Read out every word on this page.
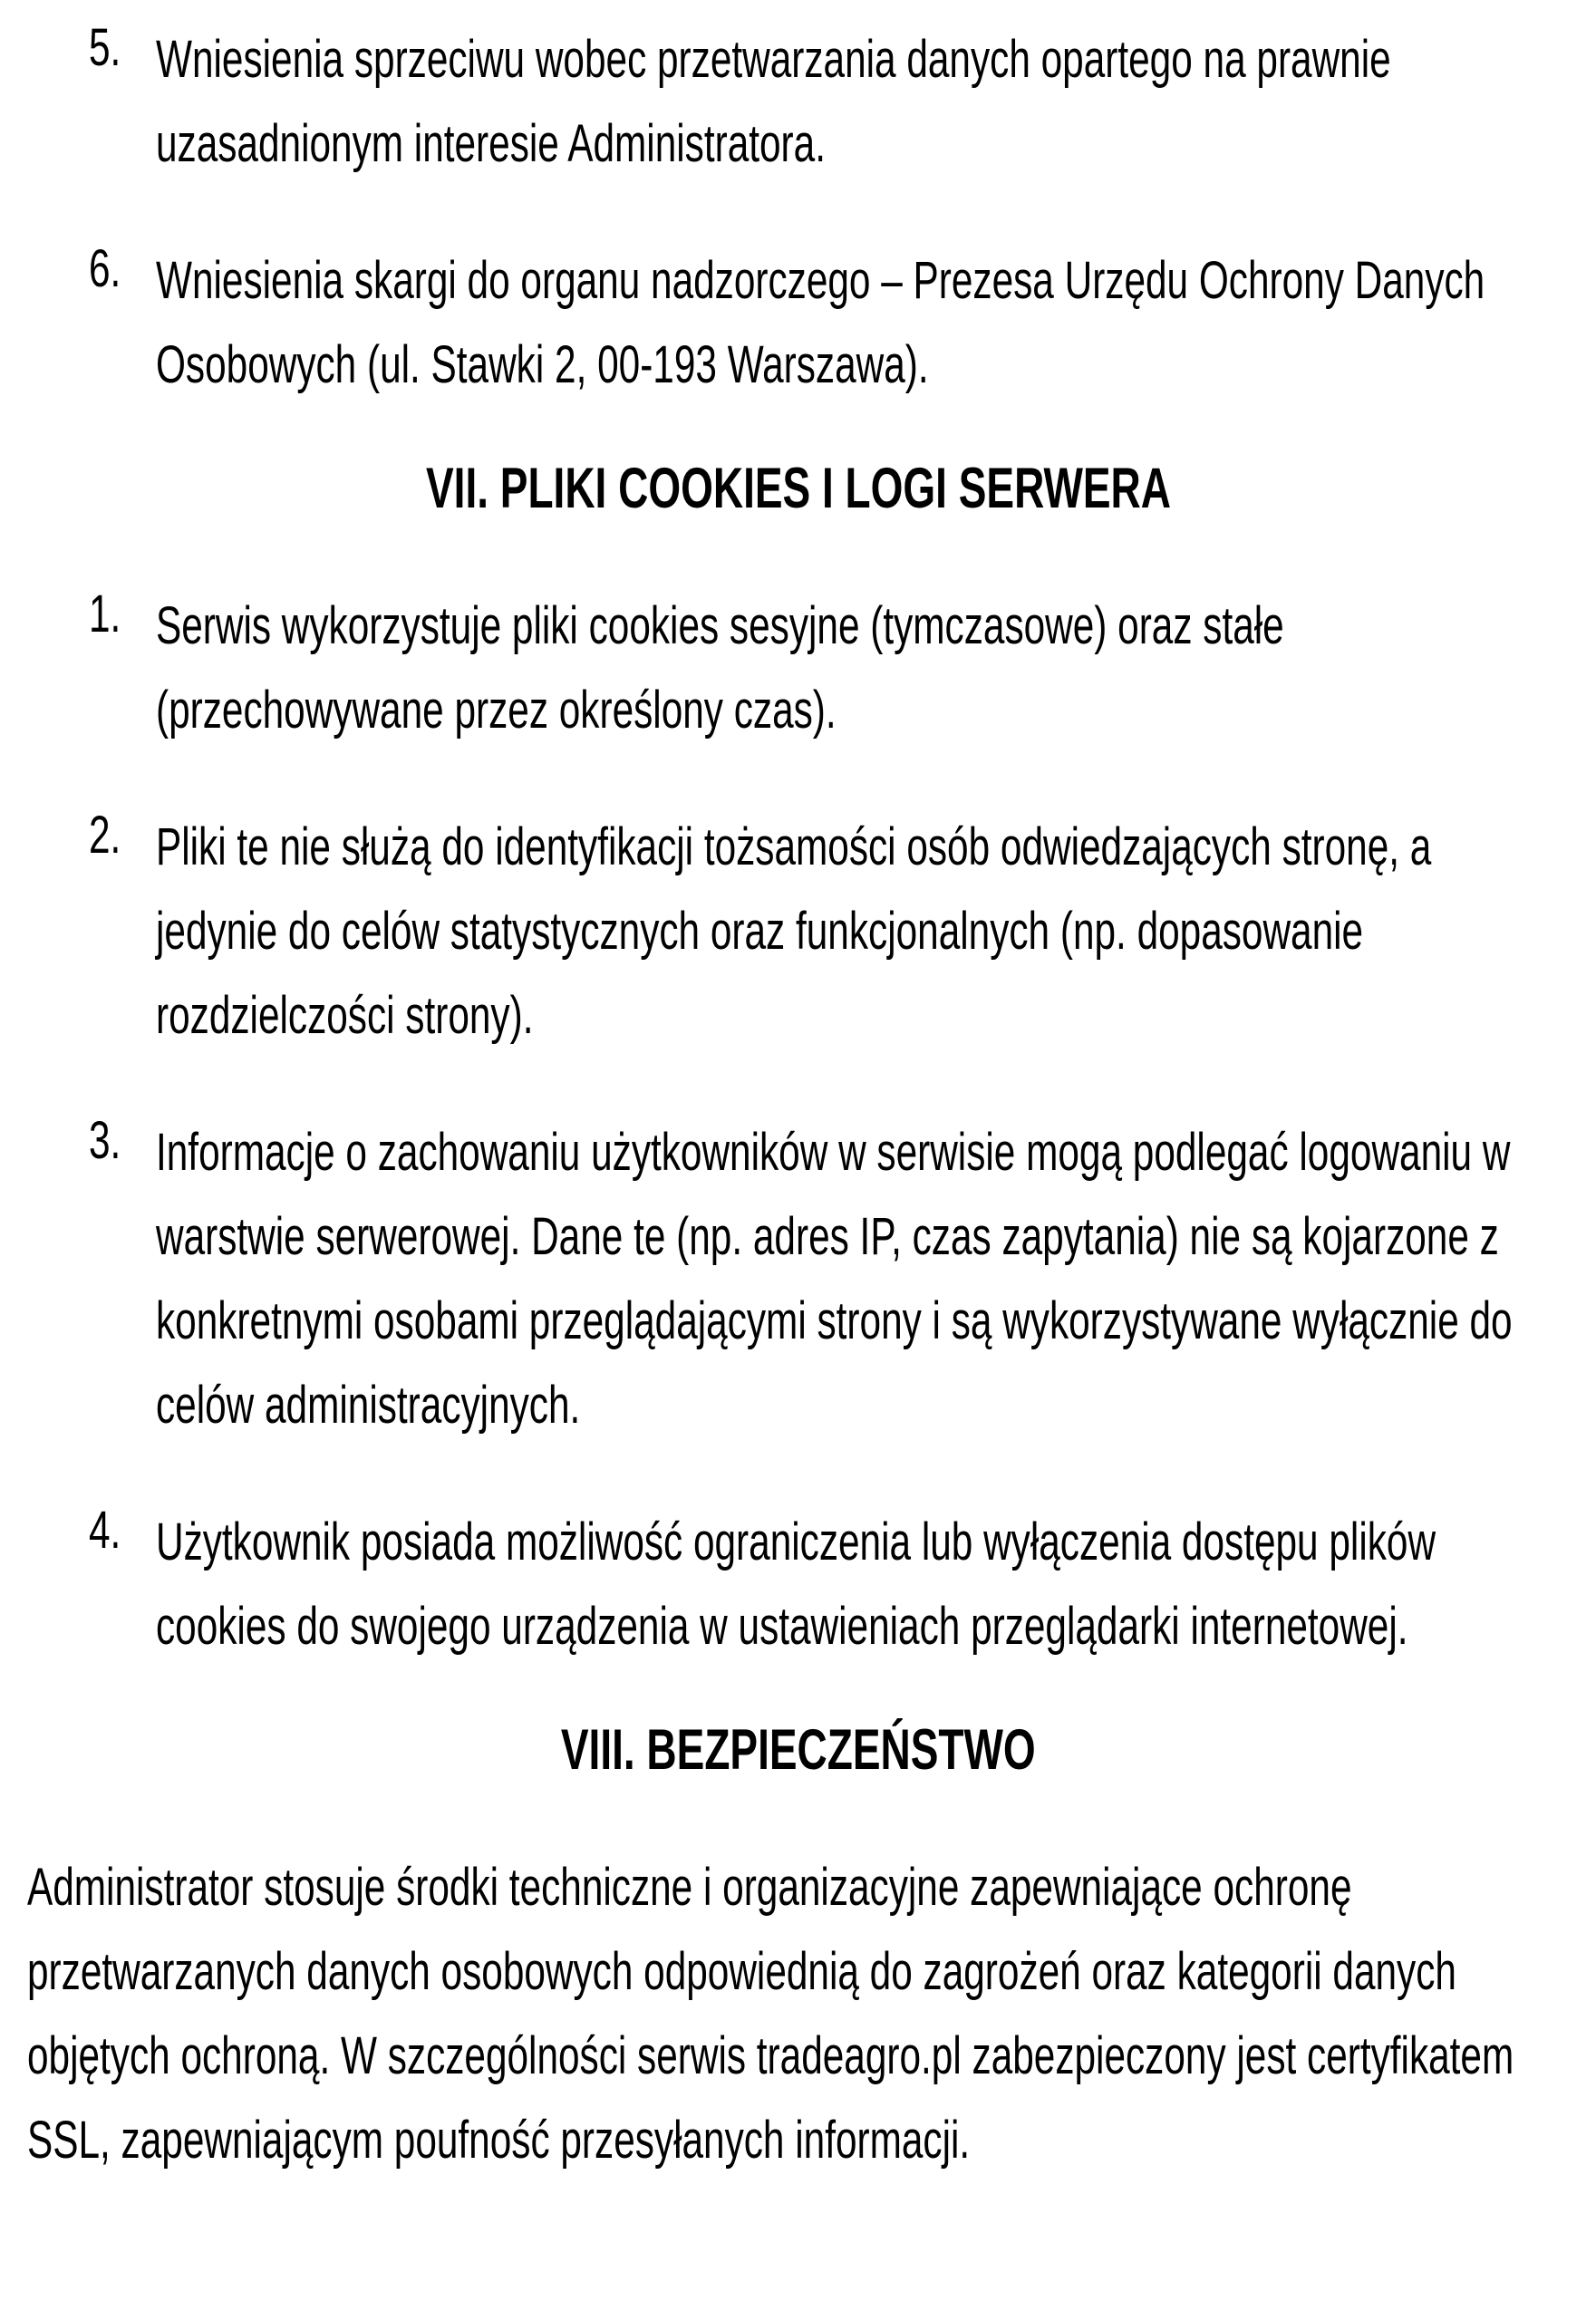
5. Wniesienia sprzeciwu wobec przetwarzania danych opartego na prawnie
uzasadnionym interesie Administratora.
6. Wniesienia skargi do organu nadzorczego – Prezesa Urzędu Ochrony Danych
Osobowych (ul. Stawki 2, 00-193 Warszawa).
VII. PLIKI COOKIES I LOGI SERWERA
1. Serwis wykorzystuje pliki cookies sesyjne (tymczasowe) oraz stałe
(przechowywane przez określony czas).
2. Pliki te nie służą do identyfikacji tożsamości osób odwiedzających stronę, a
jedynie do celów statystycznych oraz funkcjonalnych (np. dopasowanie
rozdzielczości strony).
3. Informacje o zachowaniu użytkowników w serwisie mogą podlegać logowaniu w
warstwie serwerowej. Dane te (np. adres IP, czas zapytania) nie są kojarzone z
konkretnymi osobami przeglądającymi strony i są wykorzystywane wyłącznie do
celów administracyjnych.
4. Użytkownik posiada możliwość ograniczenia lub wyłączenia dostępu plików
cookies do swojego urządzenia w ustawieniach przeglądarki internetowej.
VIII. BEZPIECZEŃSTWO
Administrator stosuje środki techniczne i organizacyjne zapewniające ochronę
przetwarzanych danych osobowych odpowiednią do zagrożeń oraz kategorii danych
objętych ochroną. W szczególności serwis tradeagro.pl zabezpieczony jest certyfikatem
SSL, zapewniającym poufność przesyłanych informacji.
